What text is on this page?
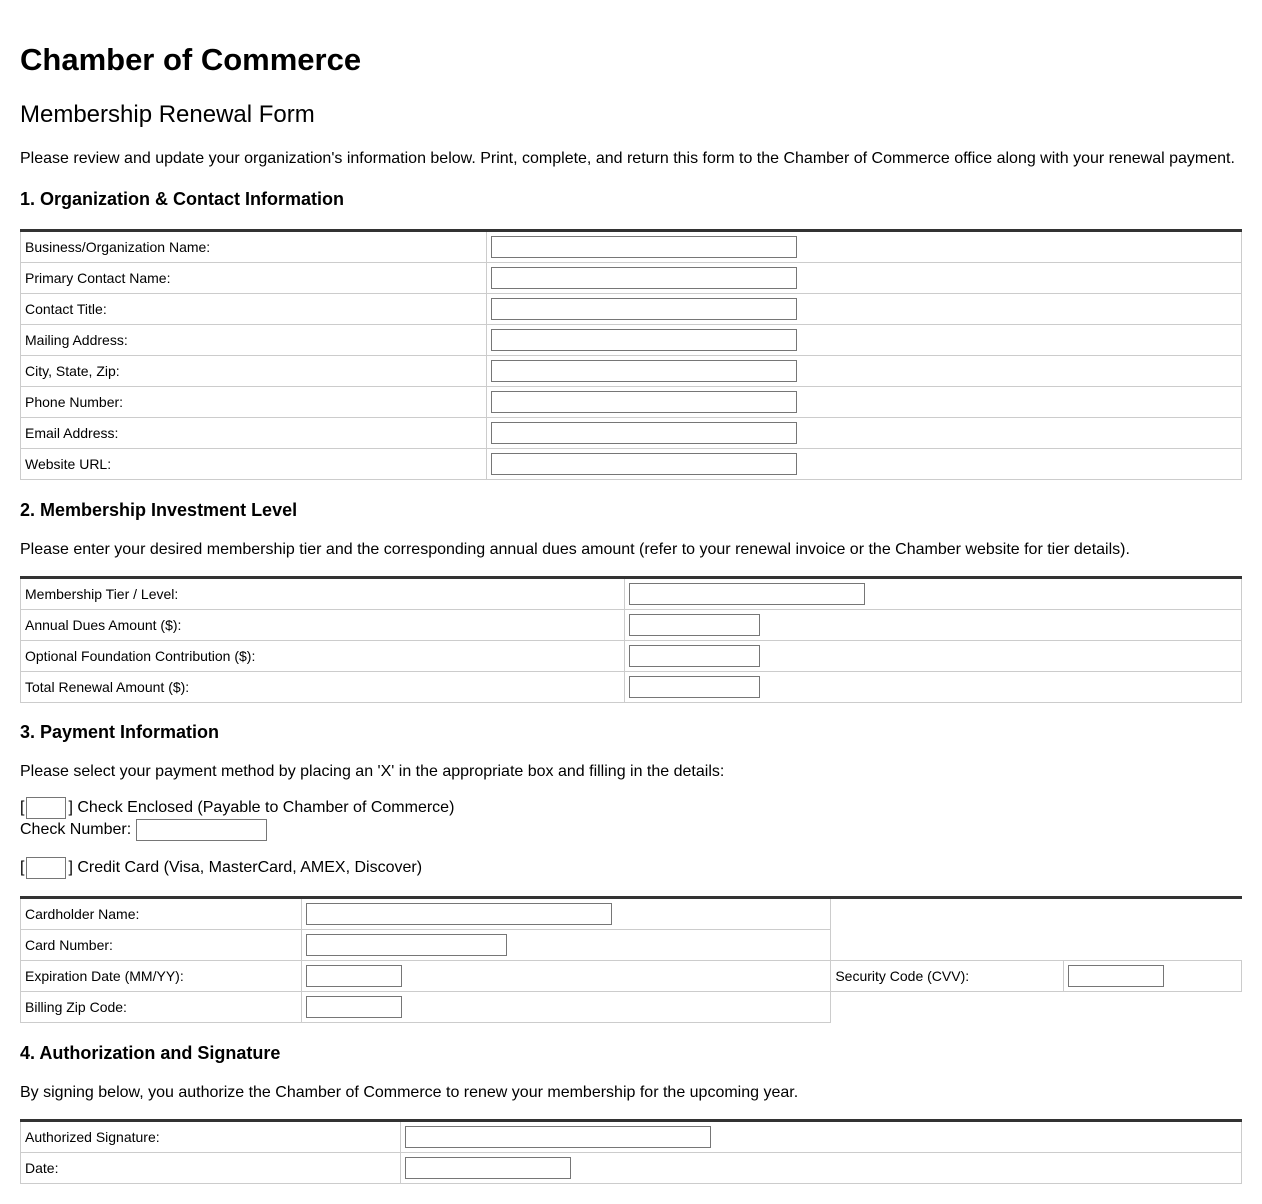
Chamber of Commerce
Membership Renewal Form

Please review and update your organization's information below. Print, complete, and return this form to the Chamber of Commerce office along with your renewal payment.

1. Organization & Contact Information
Business/Organization Name:	
Primary Contact Name:	
Contact Title:	
Mailing Address:	
City, State, Zip:	
Phone Number:	
Email Address:	
Website URL:	
2. Membership Investment Level

Please enter your desired membership tier and the corresponding annual dues amount (refer to your renewal invoice or the Chamber website for tier details).

Membership Tier / Level:	
Annual Dues Amount ($):	
Optional Foundation Contribution ($):	
Total Renewal Amount ($):	
3. Payment Information

Please select your payment method by placing an 'X' in the appropriate box and filling in the details:

[	] Check Enclosed (Payable to Chamber of Commerce)
Check Number:
[	] Credit Card (Visa, MasterCard, AMEX, Discover)
Cardholder Name:			
Card Number:			
Expiration Date (MM/YY):		Security Code (CVV):	
Billing Zip Code:			
4. Authorization and Signature

By signing below, you authorize the Chamber of Commerce to renew your membership for the upcoming year.

Authorized Signature:	
Date:	
